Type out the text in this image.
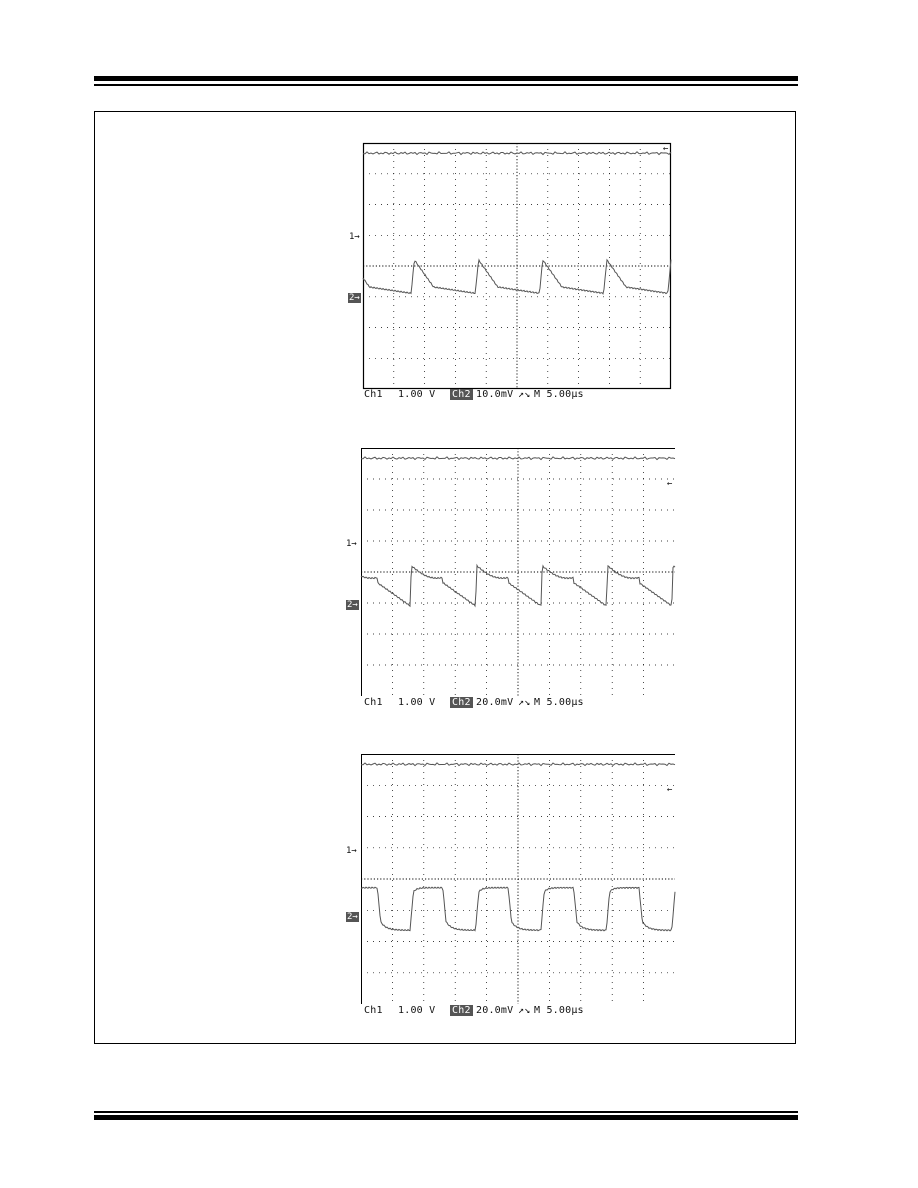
←
1→
2→
Ch1 1.00 V Ch2 10.0mV ↗↘ M 5.00µs
←
1→
2→
Ch1 1.00 V Ch2 20.0mV ↗↘ M 5.00µs
←
1→
2→
Ch1 1.00 V Ch2 20.0mV ↗↘ M 5.00µs
